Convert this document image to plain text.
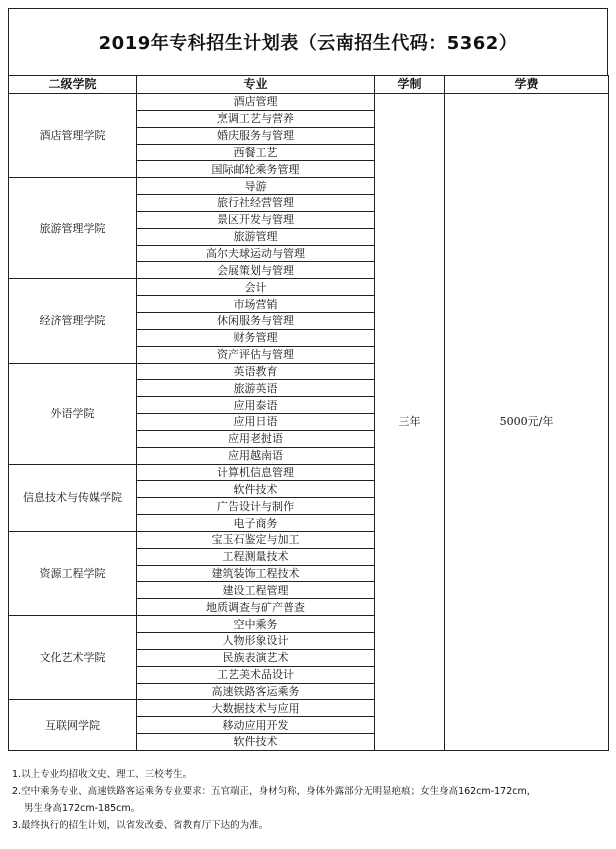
2019年专科招生计划表（云南招生代码：5362）
二级学院	专业	学制	学费
酒店管理学院	酒店管理	三年	5000元/年
	烹调工艺与营养		
	婚庆服务与管理		
	西餐工艺		
	国际邮轮乘务管理		
旅游管理学院	导游		
	旅行社经营管理		
	景区开发与管理		
	旅游管理		
	高尔夫球运动与管理		
	会展策划与管理		
经济管理学院	会计		
	市场营销		
	休闲服务与管理		
	财务管理		
	资产评估与管理		
外语学院	英语教育		
	旅游英语		
	应用泰语		
	应用日语		
	应用老挝语		
	应用越南语		
信息技术与传媒学院	计算机信息管理		
	软件技术		
	广告设计与制作		
	电子商务		
资源工程学院	宝玉石鉴定与加工		
	工程测量技术		
	建筑装饰工程技术		
	建设工程管理		
	地质调查与矿产普查		
文化艺术学院	空中乘务		
	人物形象设计		
	民族表演艺术		
	工艺美术品设计		
	高速铁路客运乘务		
互联网学院	大数据技术与应用		
	移动应用开发		
	软件技术		

1.以上专业均招收文史、理工、三校考生。

2.空中乘务专业、高速铁路客运乘务专业要求：五官端正，身材匀称，身体外露部分无明显疤痕；女生身高162cm-172cm，

男生身高172cm-185cm。

3.最终执行的招生计划，以省发改委、省教育厅下达的为准。
